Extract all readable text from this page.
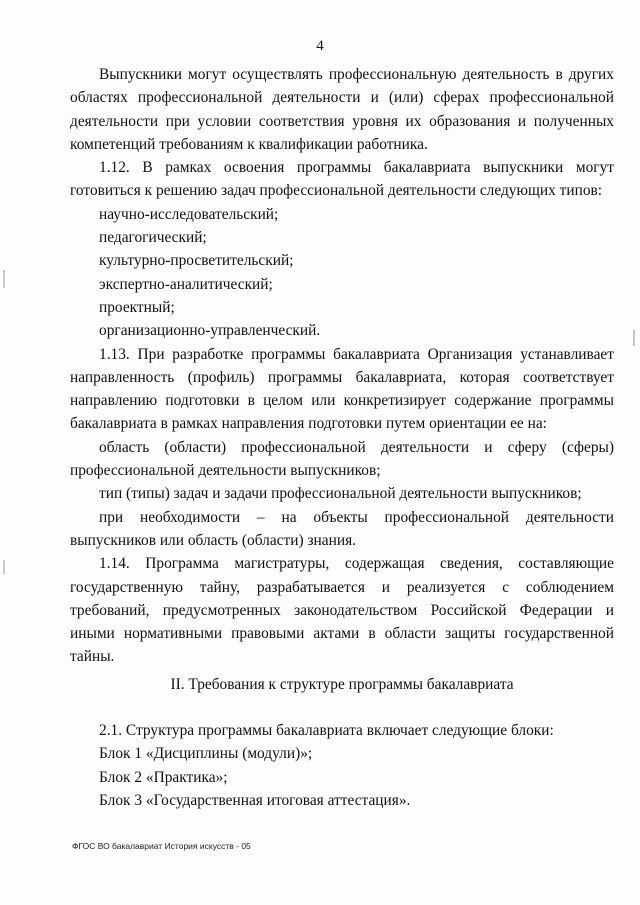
4

Выпускники могут осуществлять профессиональную деятельность в других областях профессиональной деятельности и (или) сферах профессиональной деятельности при условии соответствия уровня их образования и полученных компетенций требованиям к квалификации работника.

1.12. В рамках освоения программы бакалавриата выпускники могут готовиться к решению задач профессиональной деятельности следующих типов:

научно-исследовательский;

педагогический;

культурно-просветительский;

экспертно-аналитический;

проектный;

организационно-управленческий.

1.13. При разработке программы бакалавриата Организация устанавливает направленность (профиль) программы бакалавриата, которая соответствует направлению подготовки в целом или конкретизирует содержание программы бакалавриата в рамках направления подготовки путем ориентации ее на:

область (области) профессиональной деятельности и сферу (сферы) профессиональной деятельности выпускников;

тип (типы) задач и задачи профессиональной деятельности выпускников;

при необходимости – на объекты профессиональной деятельности выпускников или область (области) знания.

1.14. Программа магистратуры, содержащая сведения, составляющие государственную тайну, разрабатывается и реализуется с соблюдением требований, предусмотренных законодательством Российской Федерации и иными нормативными правовыми актами в области защиты государственной тайны.

II. Требования к структуре программы бакалавриата

2.1. Структура программы бакалавриата включает следующие блоки:

Блок 1 «Дисциплины (модули)»;

Блок 2 «Практика»;

Блок 3 «Государственная итоговая аттестация».

ФГОС ВО бакалавриат История искусств - 05
